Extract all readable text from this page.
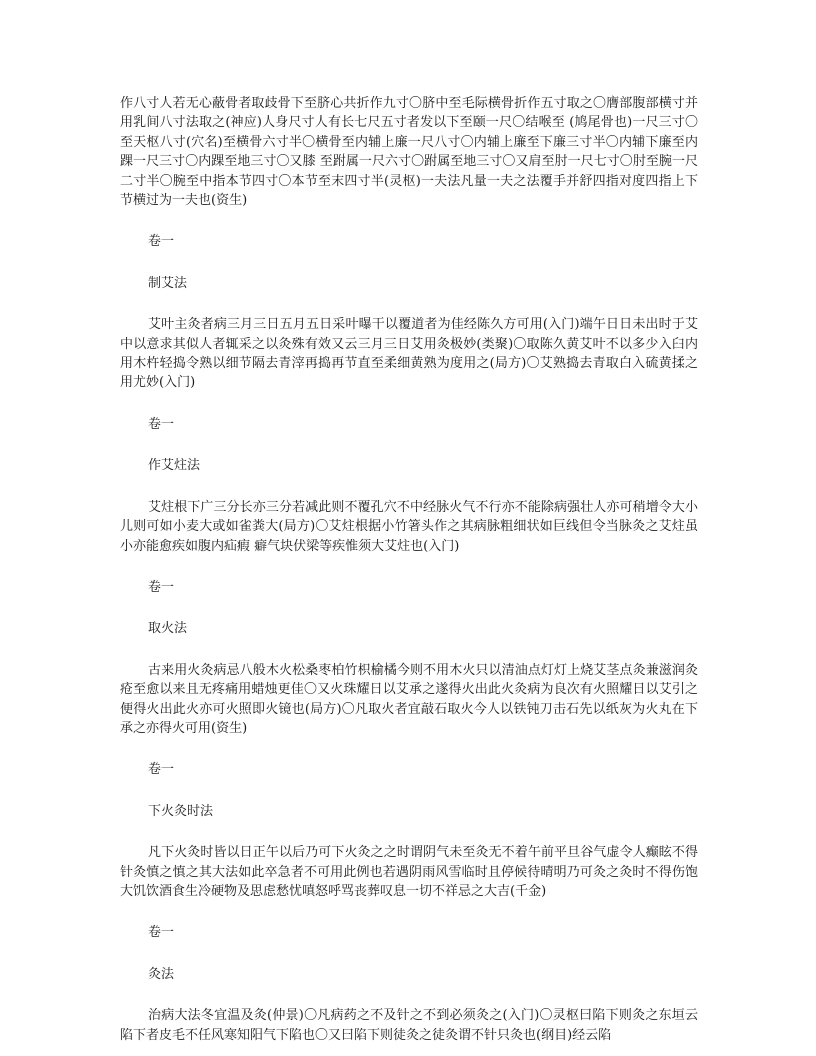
作八寸人若无心蔽骨者取歧骨下至脐心共折作九寸〇脐中至毛际横骨折作五寸取之〇膺部腹部横寸并用乳间八寸法取之(神应)人身尺寸人有长七尺五寸者发以下至颐一尺〇结喉至 (鸠尾骨也)一尺三寸〇 至天枢八寸(穴名)至横骨六寸半〇横骨至内辅上廉一尺八寸〇内辅上廉至下廉三寸半〇内辅下廉至内踝一尺三寸〇内踝至地三寸〇又膝 至跗属一尺六寸〇跗属至地三寸〇又肩至肘一尺七寸〇肘至腕一尺二寸半〇腕至中指本节四寸〇本节至末四寸半(灵枢)一夫法凡量一夫之法覆手并舒四指对度四指上下节横过为一夫也(资生)

卷一

制艾法

艾叶主灸者病三月三日五月五日采叶曝干以覆道者为佳经陈久方可用(入门)端午日日未出时于艾中以意求其似人者辄采之以灸殊有效又云三月三日艾用灸极妙(类聚)〇取陈久黄艾叶不以多少入臼内用木杵轻捣令熟以细节隔去青滓再捣再节直至柔细黄熟为度用之(局方)〇艾熟捣去青取白入硫黄揉之用尤妙(入门)

卷一

作艾炷法

艾炷根下广三分长亦三分若减此则不覆孔穴不中经脉火气不行亦不能除病强壮人亦可稍增令大小儿则可如小麦大或如雀粪大(局方)〇艾炷根据小竹箸头作之其病脉粗细状如巨线但令当脉灸之艾炷虽小亦能愈疾如腹内疝瘕 癖气块伏梁等疾惟须大艾炷也(入门)

卷一

取火法

古来用火灸病忌八般木火松桑枣柏竹枳榆橘今则不用木火只以清油点灯灯上烧艾茎点灸兼滋润灸疮至愈以来且无疼痛用蜡烛更佳〇又火珠耀日以艾承之遂得火出此火灸病为良次有火照耀日以艾引之便得火出此火亦可火照即火镜也(局方)〇凡取火者宜敲石取火今人以铁钝刀击石先以纸灰为火丸在下承之亦得火可用(资生)

卷一

下火灸时法

凡下火灸时皆以日正午以后乃可下火灸之之时谓阴气未至灸无不着午前平旦谷气虚令人癫眩不得针灸慎之慎之其大法如此卒急者不可用此例也若遇阴雨风雪临时且停候待晴明乃可灸之灸时不得伤饱大饥饮酒食生冷硬物及思虑愁忧嗔怒呼骂丧葬叹息一切不祥忌之大吉(千金)

卷一

灸法

治病大法冬宜温及灸(仲景)〇凡病药之不及针之不到必须灸之(入门)〇灵枢曰陷下则灸之东垣云陷下者皮毛不任风寒知阳气下陷也〇又曰陷下则徒灸之徒灸谓不针只灸也(纲目)经云陷
